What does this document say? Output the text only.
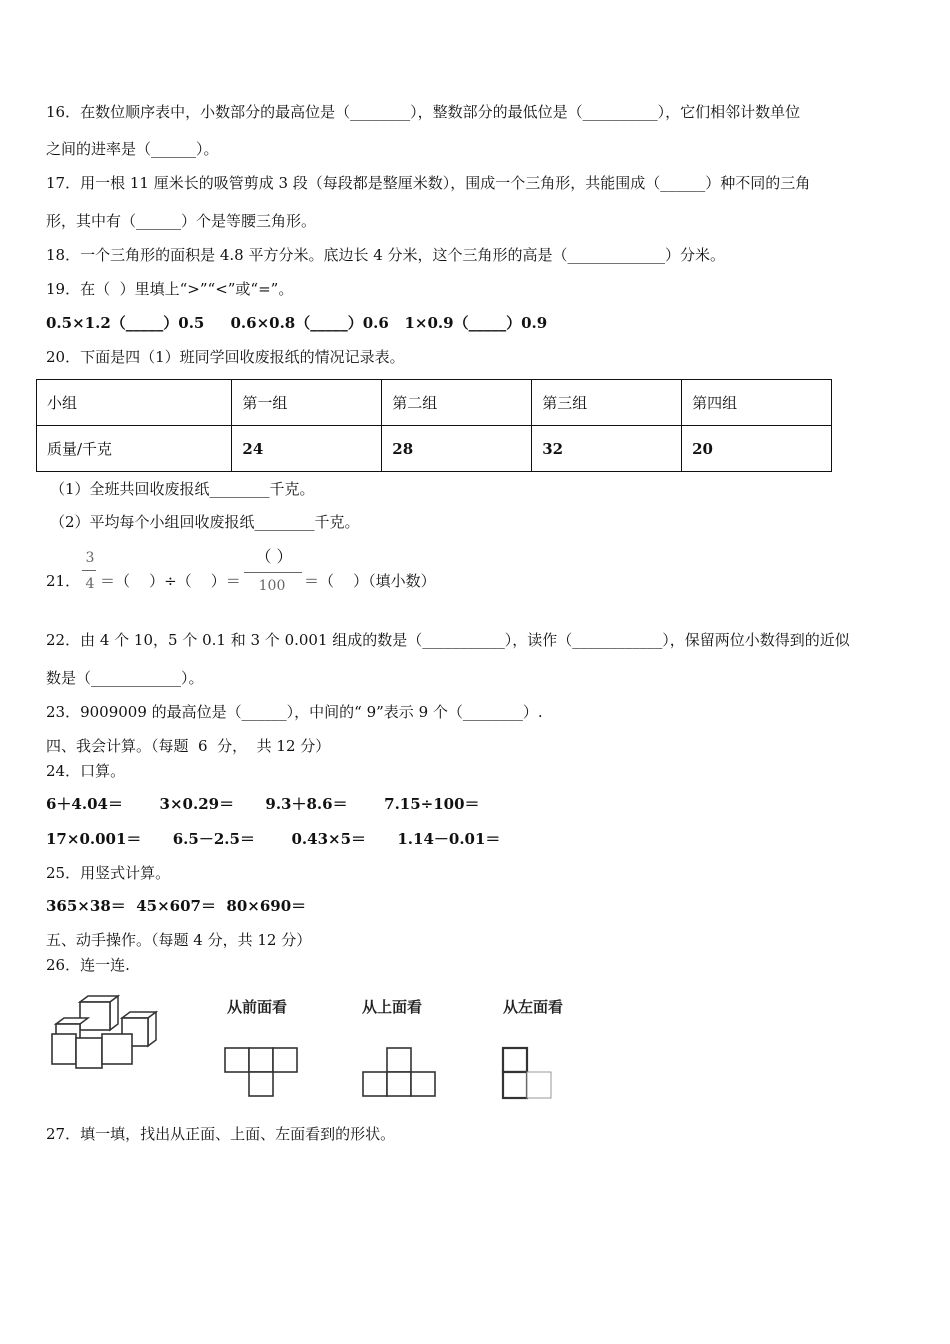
16．在数位顺序表中，小数部分的最高位是（________），整数部分的最低位是（__________），它们相邻计数单位
之间的进率是（______）。
17．用一根 11 厘米长的吸管剪成 3 段（每段都是整厘米数），围成一个三角形，共能围成（______）种不同的三角
形，其中有（______）个是等腰三角形。
18．一个三角形的面积是 4.8 平方分米。底边长 4 分米，这个三角形的高是（_____________）分米。
19．在（  ）里填上“>”“<”或“=”。
0.5×1.2（_____）0.5     0.6×0.8（_____）0.6   1×0.9（_____）0.9
20．下面是四（1）班同学回收废报纸的情况记录表。
小组	第一组	第二组	第三组	第四组
质量/千克	24	28	32	20
（1）全班共回收废报纸________千克。
（2）平均每个小组回收废报纸________千克。
21．
3
4 ＝（    ）÷（    ）＝
（ ）
100	＝（    ）（填小数）
22．由 4 个 10，5 个 0.1 和 3 个 0.001 组成的数是（___________），读作（____________），保留两位小数得到的近似
数是（____________）。
23．9009009 的最高位是（______），中间的“ 9”表示 9 个（________）.
四、我会计算。（每题  6  分，  共 12 分）
24．口算。
6＋4.04＝       3×0.29＝      9.3＋8.6＝       7.15÷100＝
17×0.001＝      6.5－2.5＝       0.43×5＝      1.14－0.01＝
25．用竖式计算。
365×38＝  45×607＝  80×690＝
五、动手操作。（每题 4 分，共 12 分）
26．连一连.
从前面看	从上面看	从左面看
27．填一填，找出从正面、上面、左面看到的形状。
